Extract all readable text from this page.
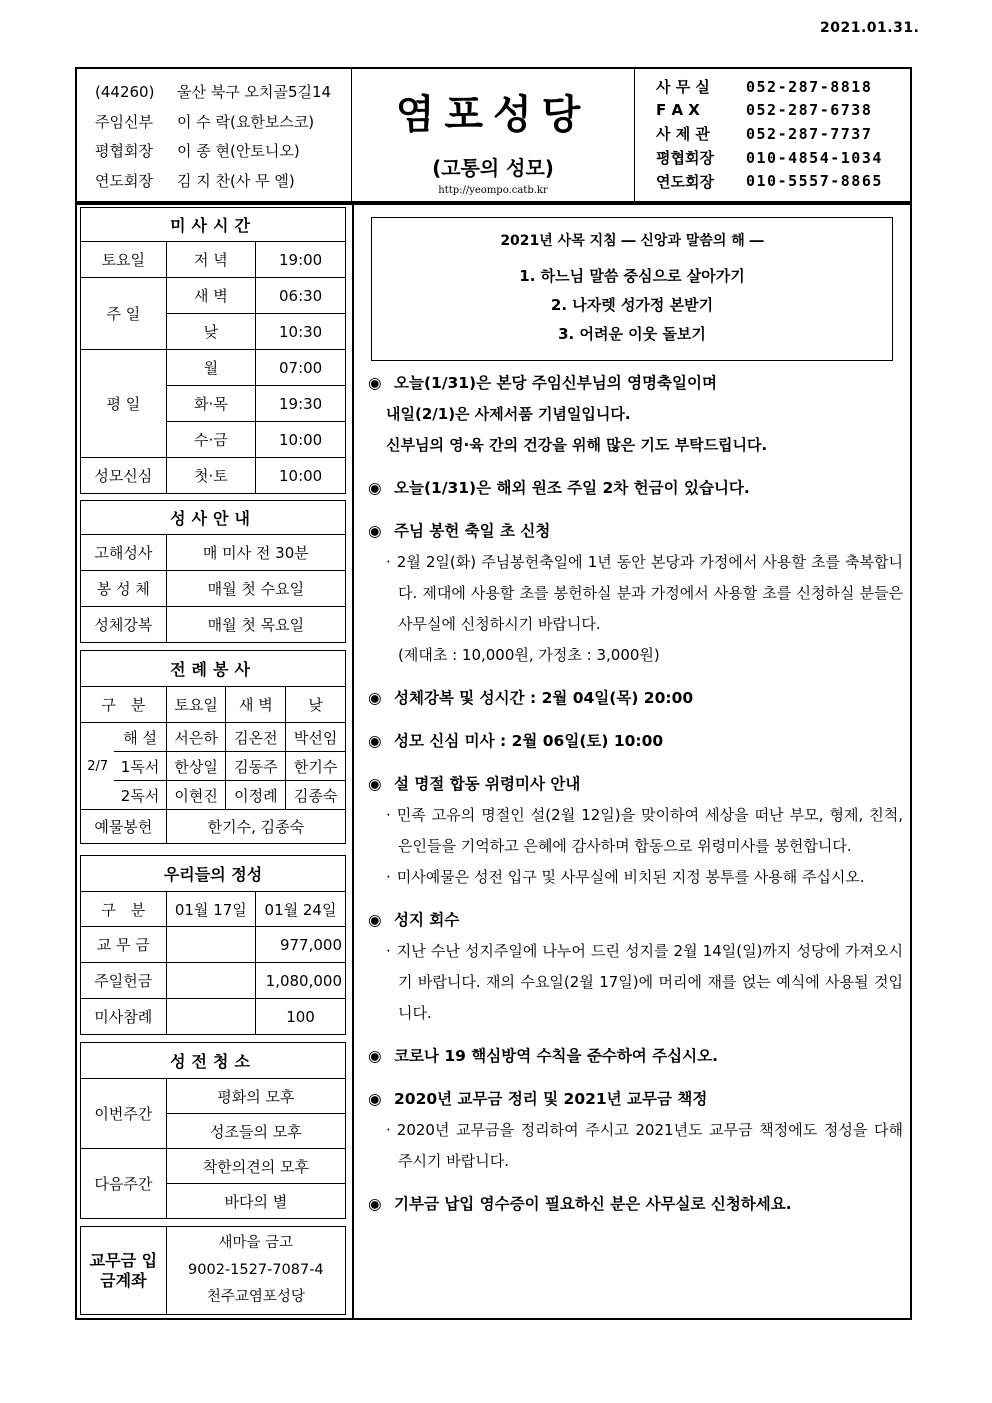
2021.01.31.
(44260)	울산 북구 오치골5길14
주임신부	이 수 락(요한보스코)
평협회장	이 종 현(안토니오)
연도회장	김 지 찬(사 무 엘)
염포성당
(고통의 성모)
http://yeompo.catb.kr
사 무 실	052-287-8818
F A X	052-287-6738
사 제 관	052-287-7737
평협회장	010-4854-1034
연도회장	010-5557-8865
미사시간		
토요일	저 녁	19:00
주 일	새 벽	06:30
	낮	10:30
평 일	월	07:00
	화·목	19:30
	수·금	10:00
성모신심	첫·토	10:00
성사안내	
고해성사	매 미사 전 30분
봉 성 체	매월 첫 수요일
성체강복	매월 첫 목요일
전례봉사				
구　분		토요일	새 벽	낮
2/7	해 설	서은하	김온전	박선임
	1독서	한상일	김동주	한기수
	2독서	이현진	이정례	김종숙
예물봉헌		한기수, 김종숙		
우리들의 정성		
구　분	01월 17일	01월 24일
교 무 금		977,000
주일헌금		1,080,000
미사참례		100
성전청소	
이번주간	평화의 모후
	성조들의 모후
다음주간	착한의견의 모후
	바다의 별
교무금 입금계좌	
새마을 금고
9002-1527-7087-4
천주교염포성당
2021년 사목 지침 ― 신앙과 말씀의 해 ―
1. 하느님 말씀 중심으로 살아가기
2. 나자렛 성가정 본받기
3. 어려운 이웃 돌보기
◉ 오늘(1/31)은 본당 주임신부님의 영명축일이며
내일(2/1)은 사제서품 기념일입니다.
신부님의 영·육 간의 건강을 위해 많은 기도 부탁드립니다.
◉ 오늘(1/31)은 해외 원조 주일 2차 헌금이 있습니다.
◉ 주님 봉헌 축일 초 신청
· 2월 2일(화) 주님봉헌축일에 1년 동안 본당과 가정에서 사용할 초를 축복합니다. 제대에 사용할 초를 봉헌하실 분과 가정에서 사용할 초를 신청하실 분들은 사무실에 신청하시기 바랍니다.
(제대초 : 10,000원, 가정초 : 3,000원)
◉ 성체강복 및 성시간 : 2월 04일(목) 20:00
◉ 성모 신심 미사 : 2월 06일(토) 10:00
◉ 설 명절 합동 위령미사 안내
· 민족 고유의 명절인 설(2월 12일)을 맞이하여 세상을 떠난 부모, 형제, 친척, 은인들을 기억하고 은혜에 감사하며 합동으로 위령미사를 봉헌합니다.
· 미사예물은 성전 입구 및 사무실에 비치된 지정 봉투를 사용해 주십시오.
◉ 성지 회수
· 지난 수난 성지주일에 나누어 드린 성지를 2월 14일(일)까지 성당에 가져오시기 바랍니다. 재의 수요일(2월 17일)에 머리에 재를 얹는 예식에 사용될 것입니다.
◉ 코로나 19 핵심방역 수칙을 준수하여 주십시오.
◉ 2020년 교무금 정리 및 2021년 교무금 책정
· 2020년 교무금을 정리하여 주시고 2021년도 교무금 책정에도 정성을 다해 주시기 바랍니다.
◉ 기부금 납입 영수증이 필요하신 분은 사무실로 신청하세요.
